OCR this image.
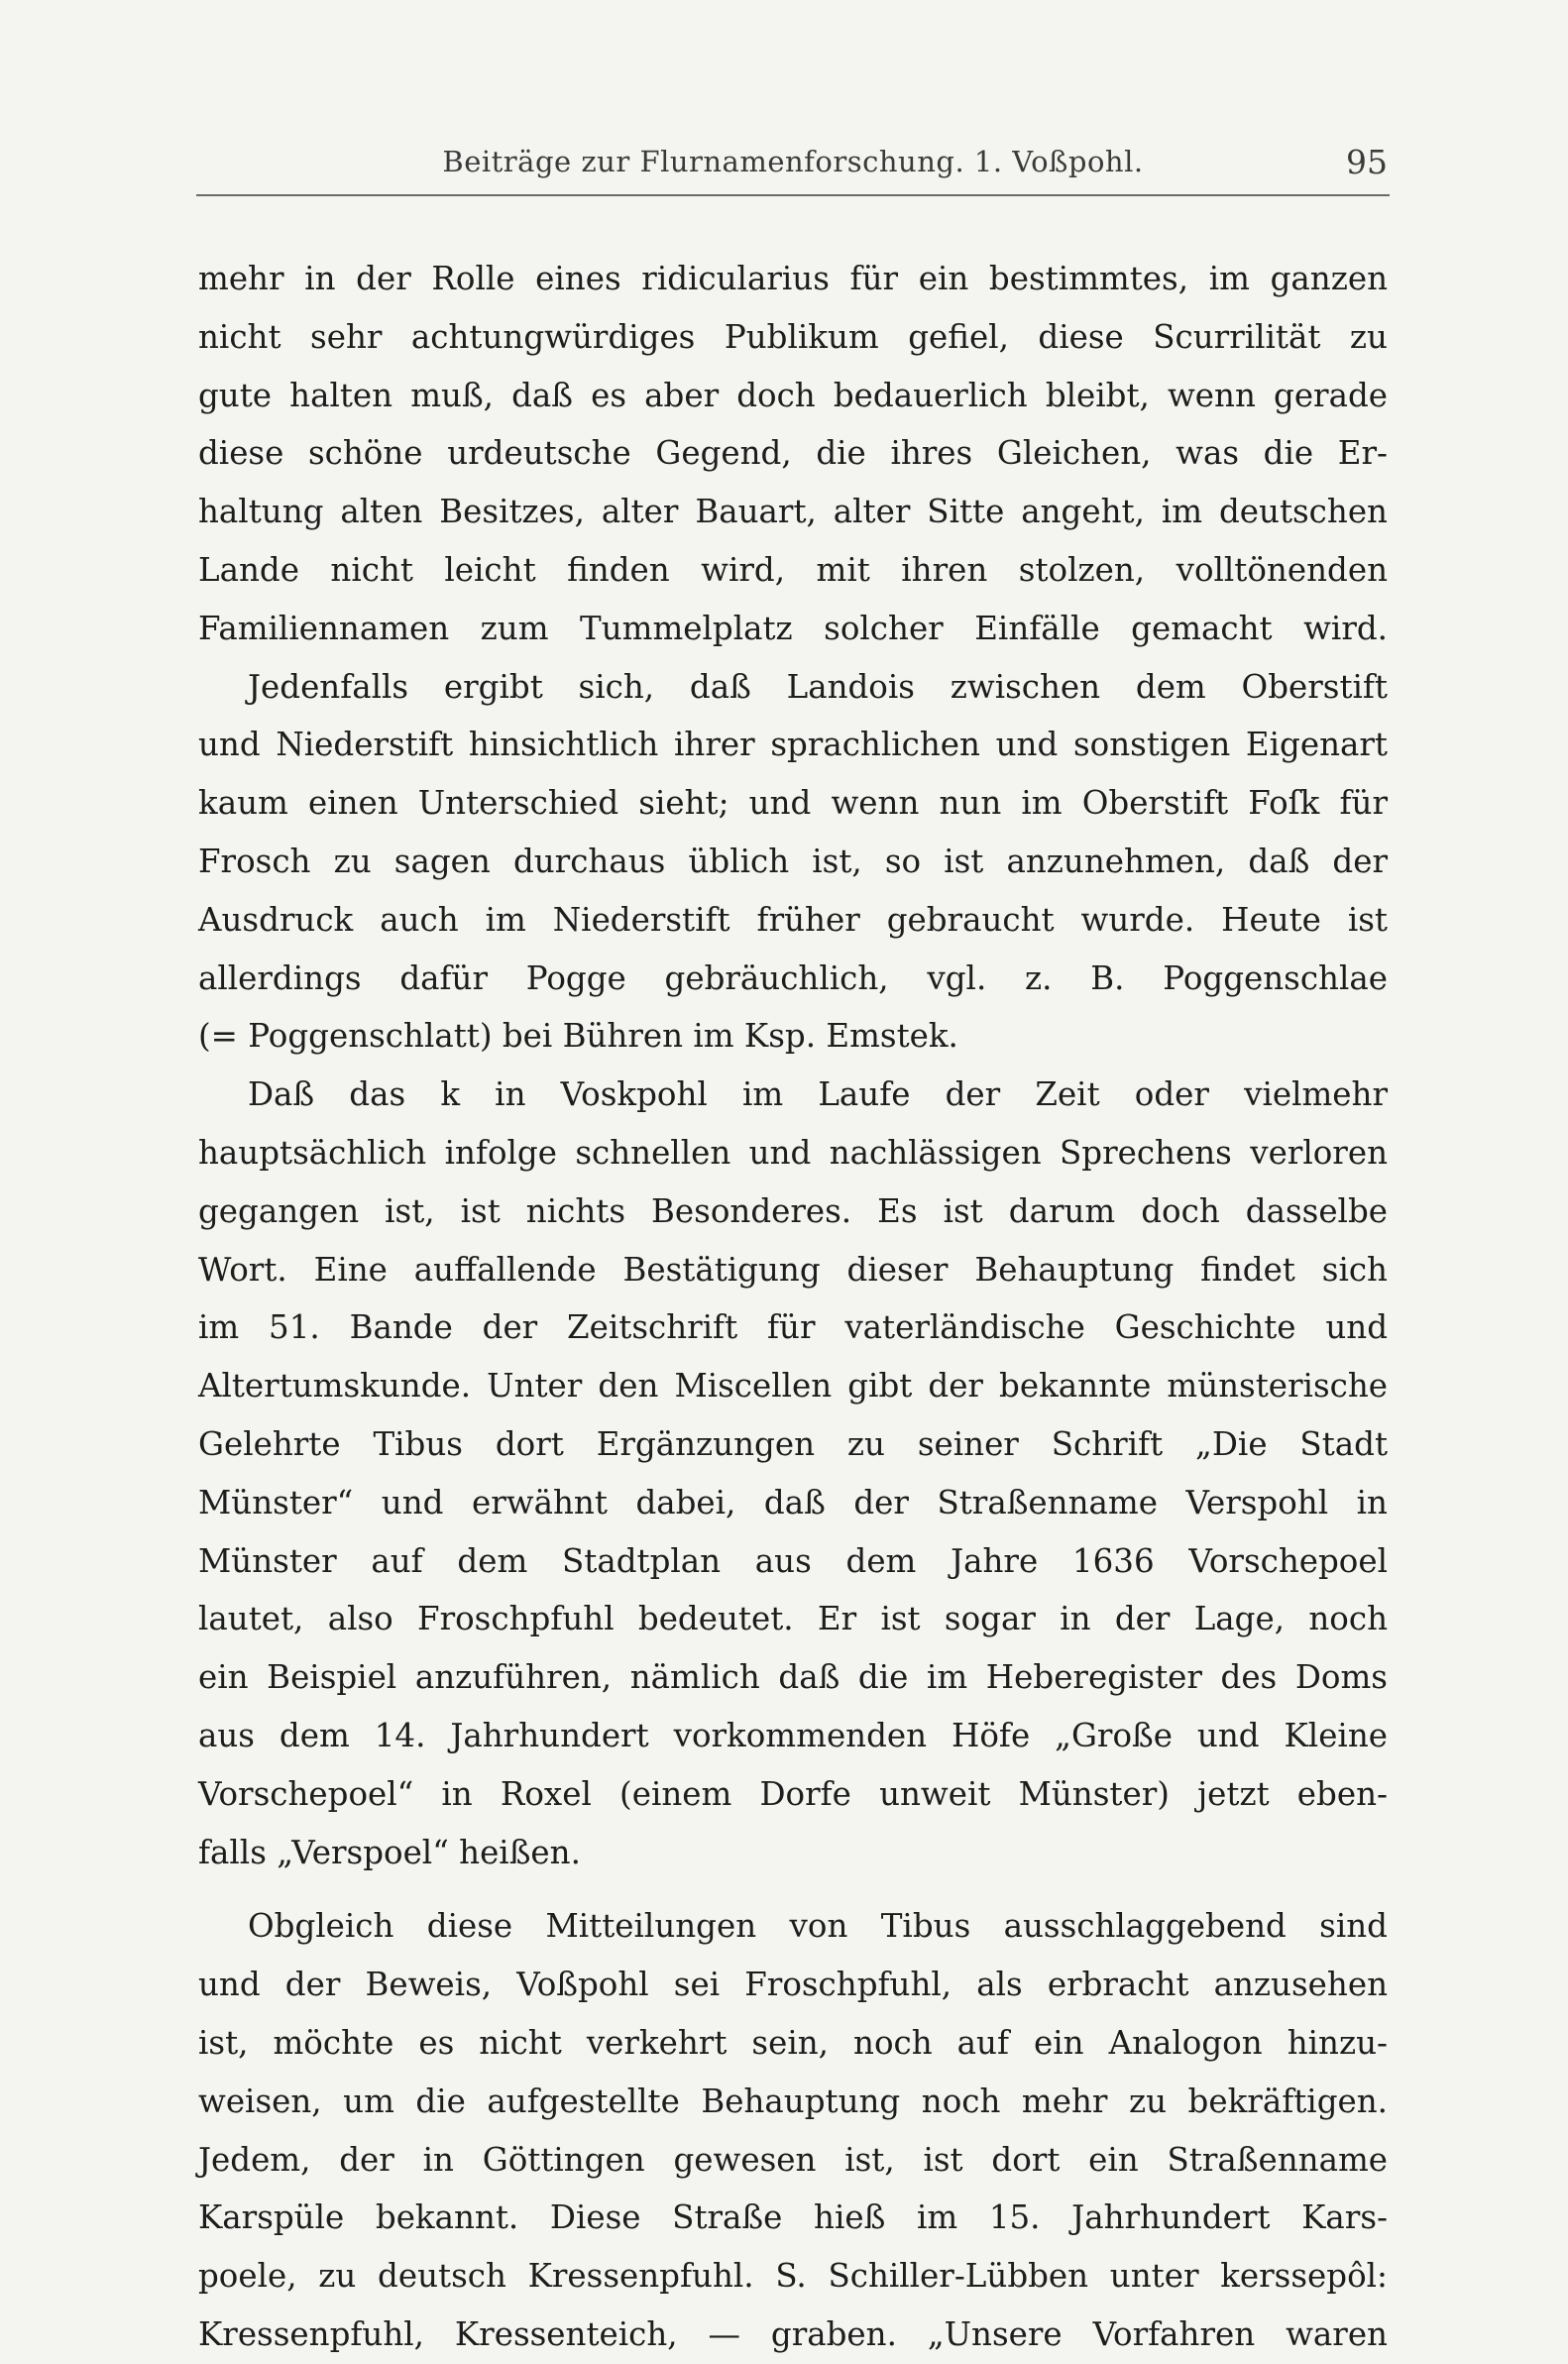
Beiträge zur Flurnamenforschung. 1. Voßpohl.	95
mehr in der Rolle eines ridicularius für ein bestimmtes, im ganzen
nicht sehr achtungwürdiges Publikum gefiel, diese Scurrilität zu
gute halten muß, daß es aber doch bedauerlich bleibt, wenn gerade
diese schöne urdeutsche Gegend, die ihres Gleichen, was die Er-
haltung alten Besitzes, alter Bauart, alter Sitte angeht, im deutschen
Lande nicht leicht finden wird, mit ihren stolzen, volltönenden
Familiennamen zum Tummelplatz solcher Einfälle gemacht wird.
Jedenfalls ergibt sich, daß Landois zwischen dem Oberstift
und Niederstift hinsichtlich ihrer sprachlichen und sonstigen Eigenart
kaum einen Unterschied sieht; und wenn nun im Oberstift Foſk für
Frosch zu sagen durchaus üblich ist, so ist anzunehmen, daß der
Ausdruck auch im Niederstift früher gebraucht wurde. Heute ist
allerdings dafür Pogge gebräuchlich, vgl. z. B. Poggenschlae
(= Poggenschlatt) bei Bühren im Ksp. Emstek.
Daß das k in Voskpohl im Laufe der Zeit oder vielmehr
hauptsächlich infolge schnellen und nachlässigen Sprechens verloren
gegangen ist, ist nichts Besonderes. Es ist darum doch dasselbe
Wort. Eine auffallende Bestätigung dieser Behauptung findet sich
im 51. Bande der Zeitschrift für vaterländische Geschichte und
Altertumskunde. Unter den Miscellen gibt der bekannte münsterische
Gelehrte Tibus dort Ergänzungen zu seiner Schrift „Die Stadt
Münster“ und erwähnt dabei, daß der Straßenname Verspohl in
Münster auf dem Stadtplan aus dem Jahre 1636 Vorschepoel
lautet, also Froschpfuhl bedeutet. Er ist sogar in der Lage, noch
ein Beispiel anzuführen, nämlich daß die im Heberegister des Doms
aus dem 14. Jahrhundert vorkommenden Höfe „Große und Kleine
Vorschepoel“ in Roxel (einem Dorfe unweit Münster) jetzt eben-
falls „Verspoel“ heißen.
Obgleich diese Mitteilungen von Tibus ausschlaggebend sind
und der Beweis, Voßpohl sei Froschpfuhl, als erbracht anzusehen
ist, möchte es nicht verkehrt sein, noch auf ein Analogon hinzu-
weisen, um die aufgestellte Behauptung noch mehr zu bekräftigen.
Jedem, der in Göttingen gewesen ist, ist dort ein Straßenname
Karspüle bekannt. Diese Straße hieß im 15. Jahrhundert Kars-
poele, zu deutsch Kressenpfuhl. S. Schiller-Lübben unter kerssepôl:
Kressenpfuhl, Kressenteich, — graben. „Unsere Vorfahren waren
